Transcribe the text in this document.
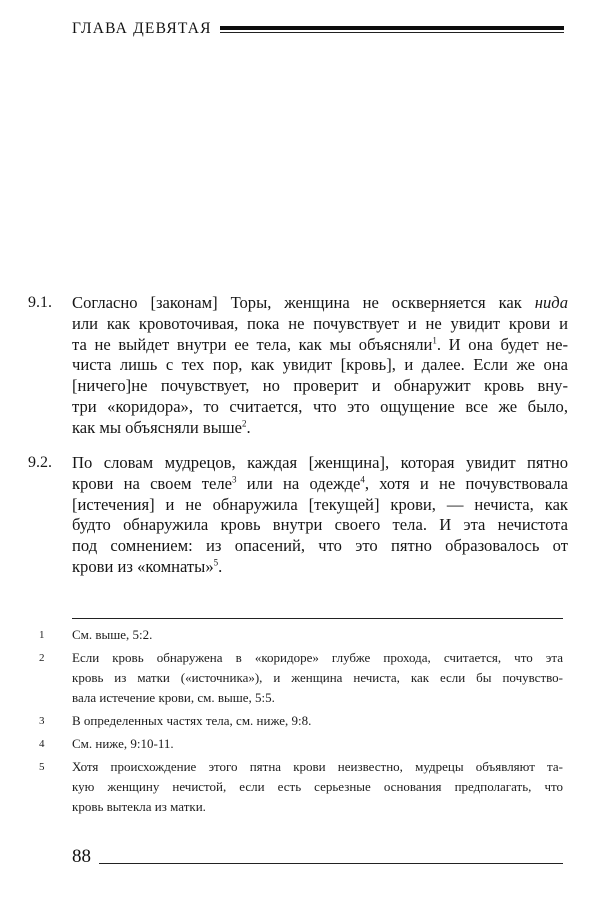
ГЛАВА ДЕВЯТАЯ
9.1.	Согласно [законам] Торы, женщина не оскверняется как нида
или как кровоточивая, пока не почувствует и не увидит крови и
та не выйдет внутри ее тела, как мы объясняли$^1$. И она будет не-
чиста лишь с тех пор, как увидит [кровь], и далее. Если же она
[ничего]не почувствует, но проверит и обнаружит кровь вну-
три «коридора», то считается, что это ощущение все же было,
как мы объясняли выше$^2$.
9.2.	По словам мудрецов, каждая [женщина], которая увидит пятно
крови на своем теле$^3$ или на одежде$^4$, хотя и не почувствовала
[истечения] и не обнаружила [текущей] крови, — нечиста, как
будто обнаружила кровь внутри своего тела. И эта нечистота
под сомнением: из опасений, что это пятно образовалось от
крови из «комнаты»$^5$.
1	См. выше, 5:2.
2	Если кровь обнаружена в «коридоре» глубже прохода, считается, что эта
кровь из матки («источника»), и женщина нечиста, как если бы почувство-
вала истечение крови, см. выше, 5:5.
3	В определенных частях тела, см. ниже, 9:8.
4	См. ниже, 9:10-11.
5	Хотя происхождение этого пятна крови неизвестно, мудрецы объявляют та-
кую женщину нечистой, если есть серьезные основания предполагать, что
кровь вытекла из матки.
88
